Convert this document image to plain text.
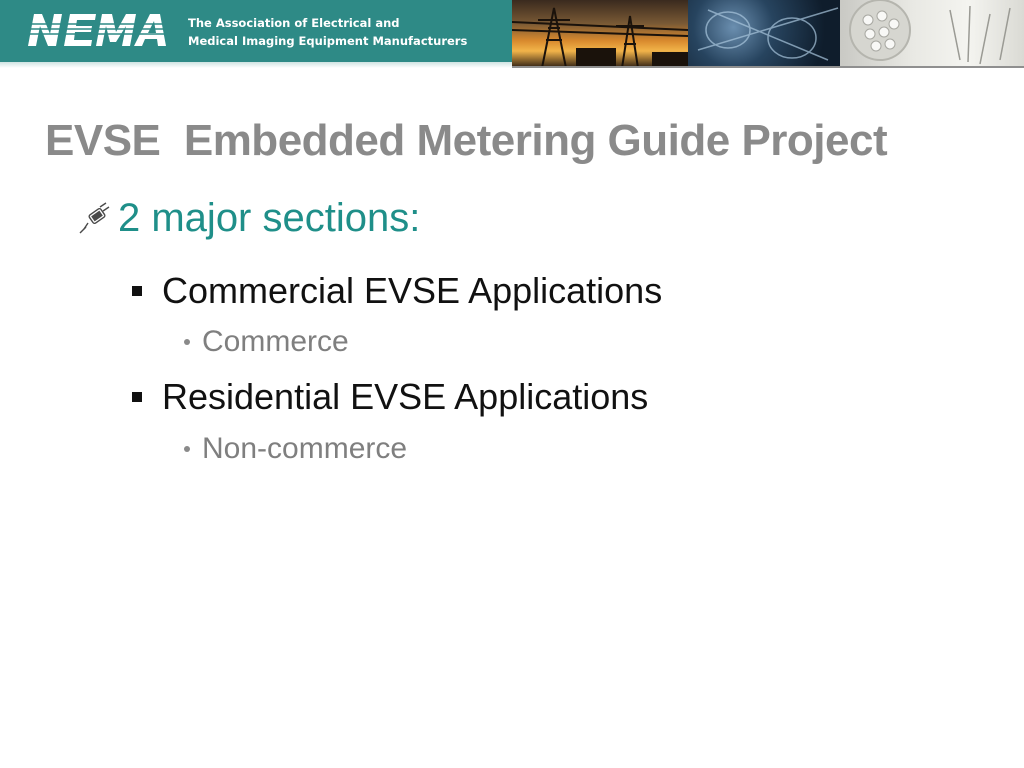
The Association of Electrical and
Medical Imaging Equipment Manufacturers
EVSE  Embedded Metering Guide Project
2 major sections:
Commercial EVSE Applications
Commerce
Residential EVSE Applications
Non-commerce
